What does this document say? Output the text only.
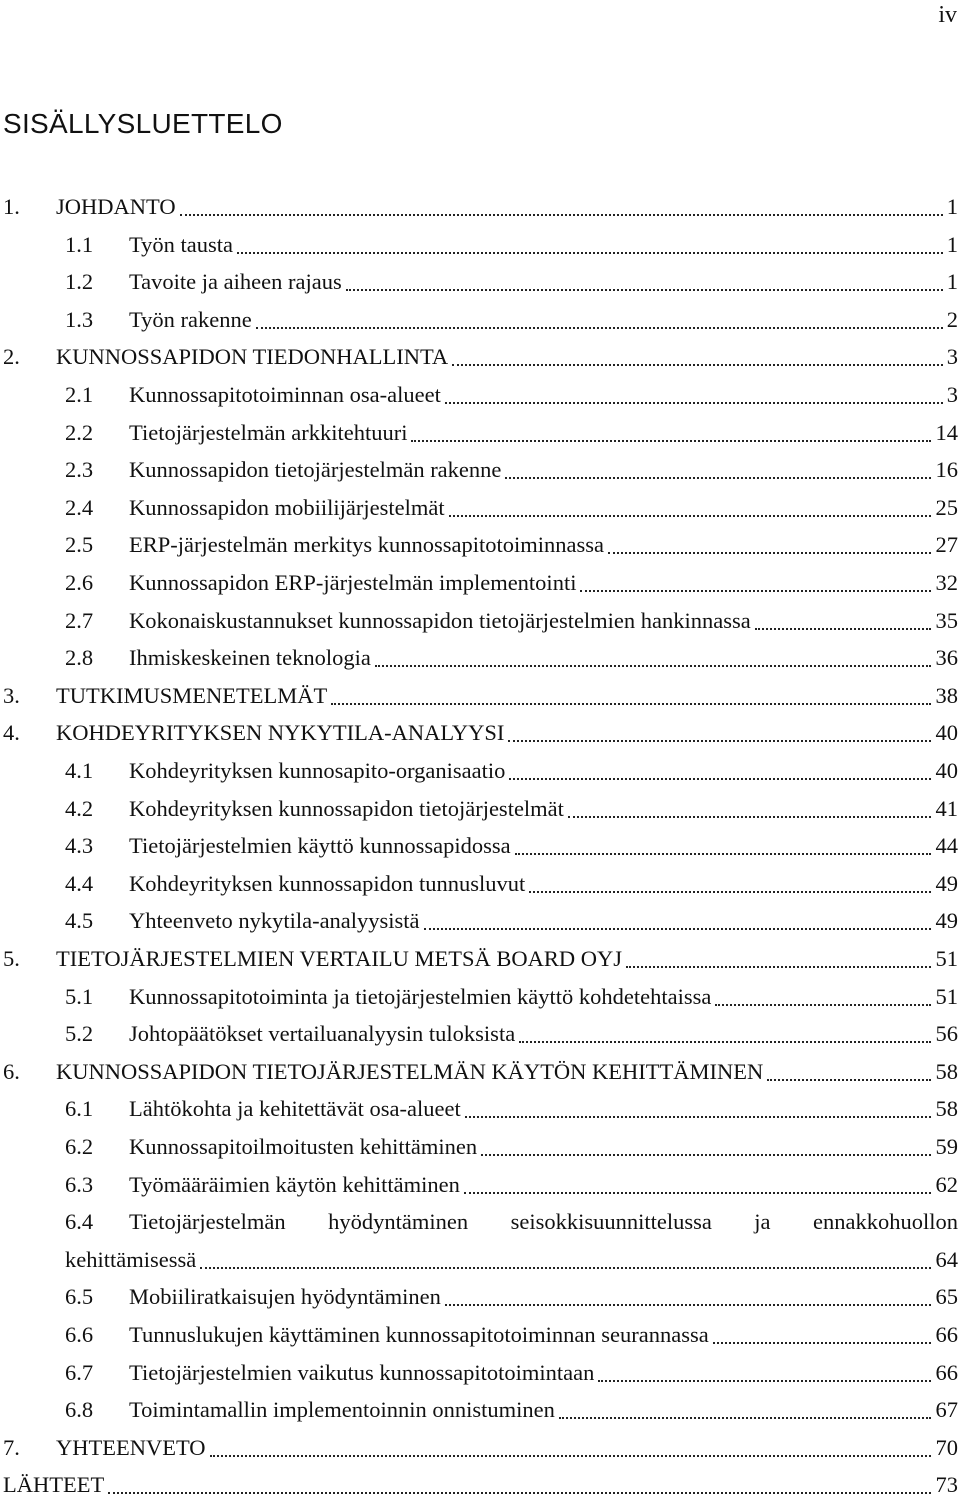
iv
SISÄLLYSLUETTELO
1. JOHDANTO	1
1.1 Työn tausta	1
1.2 Tavoite ja aiheen rajaus	1
1.3 Työn rakenne	2
2. KUNNOSSAPIDON TIEDONHALLINTA	3
2.1 Kunnossapitotoiminnan osa-alueet	3
2.2 Tietojärjestelmän arkkitehtuuri	14
2.3 Kunnossapidon tietojärjestelmän rakenne	16
2.4 Kunnossapidon mobiilijärjestelmät	25
2.5 ERP-järjestelmän merkitys kunnossapitotoiminnassa	27
2.6 Kunnossapidon ERP-järjestelmän implementointi	32
2.7 Kokonaiskustannukset kunnossapidon tietojärjestelmien hankinnassa	35
2.8 Ihmiskeskeinen teknologia	36
3. TUTKIMUSMENETELMÄT	38
4. KOHDEYRITYKSEN NYKYTILA-ANALYYSI	40
4.1 Kohdeyrityksen kunnosapito-organisaatio	40
4.2 Kohdeyrityksen kunnossapidon tietojärjestelmät	41
4.3 Tietojärjestelmien käyttö kunnossapidossa	44
4.4 Kohdeyrityksen kunnossapidon tunnusluvut	49
4.5 Yhteenveto nykytila-analyysistä	49
5. TIETOJÄRJESTELMIEN VERTAILU METSÄ BOARD OYJ	51
5.1 Kunnossapitotoiminta ja tietojärjestelmien käyttö kohdetehtaissa	51
5.2 Johtopäätökset vertailuanalyysin tuloksista	56
6. KUNNOSSAPIDON TIETOJÄRJESTELMÄN KÄYTÖN KEHITTÄMINEN	58
6.1 Lähtökohta ja kehitettävät osa-alueet	58
6.2 Kunnossapitoilmoitusten kehittäminen	59
6.3 Työmääräimien käytön kehittäminen	62
6.4 Tietojärjestelmän hyödyntäminen seisokkisuunnittelussa ja ennakkohuollon
kehittämisessä	64
6.5 Mobiiliratkaisujen hyödyntäminen	65
6.6 Tunnuslukujen käyttäminen kunnossapitotoiminnan seurannassa	66
6.7 Tietojärjestelmien vaikutus kunnossapitotoimintaan	66
6.8 Toimintamallin implementoinnin onnistuminen	67
7. YHTEENVETO	70
LÄHTEET	73
